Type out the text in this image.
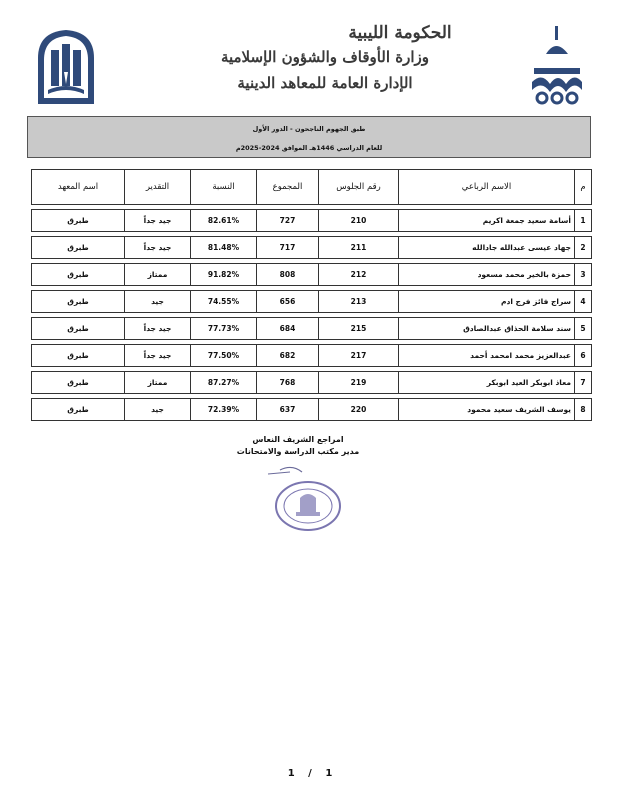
الحكومة الليبية
وزارة الأوقاف والشؤون الإسلامية
الإدارة العامة للمعاهد الدينية
طبق الجهوم الناجحون - الدور الأول
للعام الدراسي 1446هـ الموافق 2024-2025م
م	الاسم الرباعي	رقم الجلوس	المجموع	النسبة	التقدير	اسم المعهد
1	أسامة سعيد جمعة اكريم	210	727	82.61%	جيد جداً	طبرق
2	جهاد عيسى عبدالله جادالله	211	717	81.48%	جيد جداً	طبرق
3	حمزة بالخير محمد مسعود	212	808	91.82%	ممتاز	طبرق
4	سراج فائز فرج ادم	213	656	74.55%	جيد	طبرق
5	سند سلامة الحذاق عبدالصادق	215	684	77.73%	جيد جداً	طبرق
6	عبدالعزيز محمد امحمد أحمد	217	682	77.50%	جيد جداً	طبرق
7	معاذ ابوبكر العيد ابوبكر	219	768	87.27%	ممتاز	طبرق
8	يوسف الشريف سعيد محمود	220	637	72.39%	جيد	طبرق
امراجع الشريف النعاس
مدير مكتب الدراسة والامتحانات
1 / 1
